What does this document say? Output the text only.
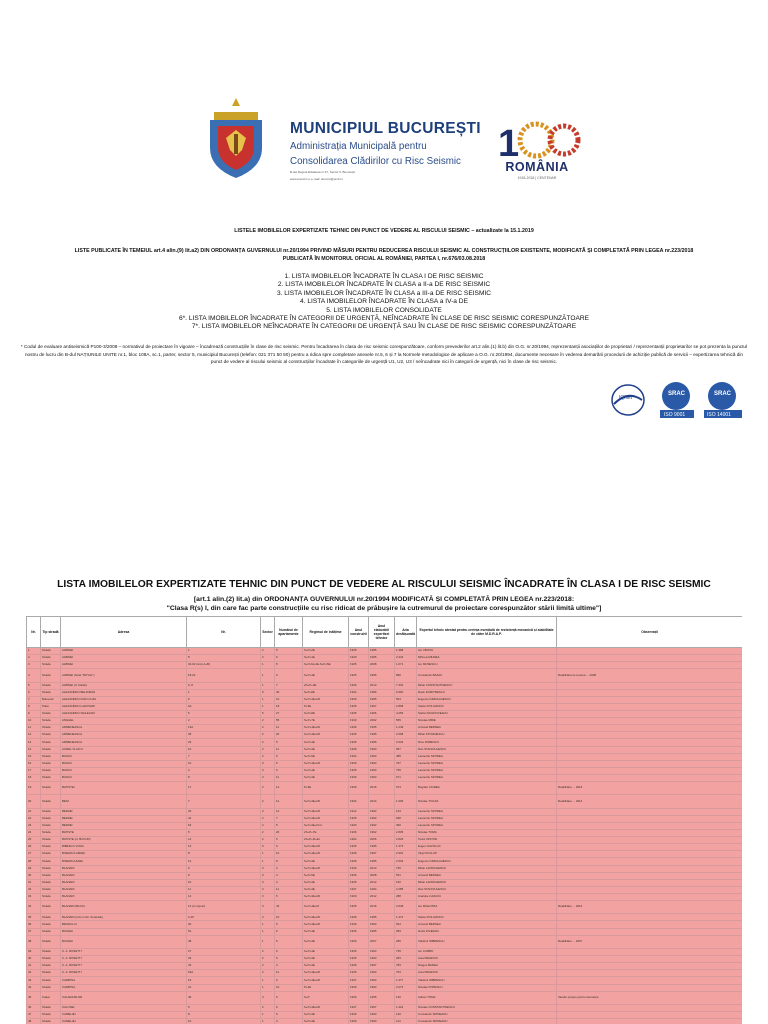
MUNICIPIUL BUCUREȘTI
Administrația Municipală pentru
Consolidarea Clădirilor cu Risc Seismic
B-dul Regina Elisabeta nr.47, Sector 5, București
www.amccrs.ro e-mail: amccrs@pmb.ro
1
ROMÂNIA
1918-2018 | CENTENAR
LISTELE IMOBILELOR EXPERTIZATE TEHNIC DIN PUNCT DE VEDERE AL RISCULUI SEISMIC – actualizate la 15.1.2019
LISTE PUBLICATE ÎN TEMEIUL art.4 alin.(9) lit.a2) DIN ORDONANȚA GUVERNULUI nr.20/1994 PRIVIND MĂSURI PENTRU REDUCEREA RISCULUI SEISMIC AL CONSTRUCȚIILOR EXISTENTE, MODIFICATĂ ȘI COMPLETATĂ PRIN LEGEA nr.223/2018
PUBLICATĂ ÎN MONITORUL OFICIAL AL ROMÂNIEI, PARTEA I, nr.676/03.08.2018
1. LISTA IMOBILELOR ÎNCADRATE ÎN CLASA I DE RISC SEISMIC
2. LISTA IMOBILELOR ÎNCADRATE ÎN CLASA a II-a DE RISC SEISMIC
3. LISTA IMOBILELOR ÎNCADRATE ÎN CLASA a III-a DE RISC SEISMIC
4. LISTA IMOBILELOR ÎNCADRATE ÎN CLASA a IV-a DE
5. LISTA IMOBILELOR CONSOLIDATE
6*. LISTA IMOBILELOR ÎNCADRATE ÎN CATEGORII DE URGENȚĂ, NEÎNCADRATE ÎN CLASE DE RISC SEISMIC CORESPUNZĂTOARE
7*. LISTA IMOBILELOR NEÎNCADRATE ÎN CATEGORII DE URGENȚĂ SAU ÎN CLASE DE RISC SEISMIC CORESPUNZĂTOARE
* Codul de evaluare antiseismică P100-3/2008 – normativul de proiectare în vigoare – încadrează construcțiile în clase de risc seismic. Pentru încadrarea în clasa de risc seismic corespunzătoare, conform prevederilor art.2 alin.(1) lit.b) din O.G. nr.20/1994, reprezentanții asociațiilor de proprietari / reprezentanții proprietarilor se pot prezenta la punctul nostru de lucru din B-dul NAȚIUNILE UNITE nr.1, bloc 108A, sc.1, parter, sector 5, municipiul București (telefon: 021 371 50 50) pentru a ridica spre completare anexele nr.5, 6 și 7 la Normele metodologice de aplicare a O.G. nr.20/1994, documente necesare în vederea demarării procedurii de achiziție publică de servicii – expertizarea tehnică din punct de vedere al riscului seismic al construcțiilor încadrate în categoriile de urgență U1, U2, U3 / neîncadrate nici în categorii de urgență, nici în clase de risc seismic.
IQNet
SRAC
ISO 9001
SRAC
ISO 14001
LISTA IMOBILELOR EXPERTIZATE TEHNIC DIN PUNCT DE VEDERE AL RISCULUI SEISMIC ÎNCADRATE ÎN CLASA I DE RISC SEISMIC
[art.1 alin.(2) lit.a) din ORDONANȚA GUVERNULUI nr.20/1994 MODIFICATĂ ȘI COMPLETATĂ PRIN LEGEA nr.223/2018:
"Clasa R(s) I, din care fac parte construcțiile cu risc ridicat de prăbușire la cutremurul de proiectare corespunzător stării limită ultime"]
Nr.	Tip stradă	Adresa	Nr.	Sector	Numărul de apartamente	Regimul de înălțime	Anul construirii	Anul elaborării expertizei tehnice	Aria desfășurată	Expertul tehnic atestat pentru cerința esențială de rezistență mecanică și stabilitate de către M.D.R.A.P.	Observații
1	Strada	ALBINEI	1	2	5	S+P+2E	1935	1995	1.388	Ion VIRSTA	
2	Strada	ALBINEI	8	2	9	S+P+4E	1930	1995	2.344	Mihnea MIHNEA	
3	Strada	ALBINEI	32-32 (corp A+B)	1	8	S+P+M+4E-S+P+5E	1935	2008	1.071	Ion MOSESCU	
4	Strada	ALBINEI (hotel "ROYAL")	18-22	1	6	S+P+4E	1925	1996	890	Constantin BAZAC	Reabilitare la cererea ... 2008
5	Strada	ALBINEI (cl. Radio)	6, 8	1	7	2S+P+3E	1936	2013	7.332	Mihai CONSTANTINESCU	
6	Strada	ALEXANDRU BELDIMAN	1	5	40	S+P+8E	1934	1996	6.960	Radu DUMITRESCU	
7	Bulevard	ALEXANDRU IOAN CUZA	6	1	10	S+P+3E+Mz	1930	1995	504	Eugeniu IORDACHESCU	
8	Piata	ALEXANDRU LAHOVARI	6A	1	18	P+5E	1935	1997	2.808	Stefan POLIVANOV	
9	Strada	ALEXANDRU SIHLEANU	5	5	27	S+P+8E	1935	1996	4.256	Stefan MOLDOVEANU	
10	Strada	ANGHEL	2	2	55	S+P+7E	1940	2002	565	Nicolae MIRE	
11	Strada	ARMENEASCA	13A	2	11	S+P+4E+Mz	1936	1995	1.249	Armand BERNEA	
12	Strada	ARMENEASCA	38	2	20	S+P+4E+Mz	1935	1995	2.668	Mihai STOIANESCU	
13	Strada	ARMENEASCA	29	2	5	S+P+4E	1935	1996	2.604	Dinu DOBESCU	
14	Strada	AUREL VLAICU	10	2	11	S+P+3E	1935	1993	957	Dan STANCIULESCU	
15	Strada	BANCII	7	2	5	S+P+5E	1934	1993	485	Laurentiu SPOREA	
16	Strada	BANCII	10	3	5	S+P+3E+Mz	1930	1993	767	Laurentiu SPOREA	
17	Strada	BANCII	4	3	6	S+P+4E	1935	1993	735	Laurentiu SPOREA	
18	Strada	BANCII	8	3	11	S+P+3E	1930	1993	671	Laurentiu SPOREA	
19	Strada	BATISTEI	17	2	12	P+3E	1930	2016	674	Bogdan CIUREA	Reabilitare ... 2016
20	Strada	BENI	7	2	12	S+P+3E+Mz	1934	2014	1.006	Nicolae TOCAS	Reabilitare ... 2014
21	Strada	BERZEI	29	2	12	S+P+3E+Mz	1912	1992	133	Laurentiu SPOREA	
22	Strada	BERZEI	42	2	7	S+P+3E+Mz	1935	1992	698	Laurentiu SPOREA	
23	Strada	BERZEI	63	2	5	S+P+3E+Pod	1930	1992	360	Laurentiu SPOREA	
24	Strada	BATISTE	5	2	26	2S+P+7E	1936	1992	2.805	Nicolae TOMA	
25	Strada	BATISTE (cl. BUCUR)	14	2	6	2S+P+M+Et.	1934	2006	2.826	Tudor NISTOR	
26	Strada	BIBESCU VODA	16	5	6	S+P+3E+Mz	1935	1995	1.373	Eugen SAVOLUC	
27	Strada	BISERICA AMZEI	8	1	10	S+P+4E+Mz	1935	1997	2.991	Virgil SCULUP	
28	Strada	BISERICA ENEI	12	1	8	S+P+3E	1935	1995	2.503	Eugeniu IORDACHESCU	
29	Strada	BLANARI	6	3	4	S+P+3E+Mz	1930	2013	736	Mihai LAVRICHENCU	
30	Strada	BLANARI	9	3	4	S+P+5E	1935	2008	531	Armand BERNEA	
31	Strada	BLANARI	10	3	4	S+P+3E	1935	2012	152	Mihai LAVRICHENCU	
32	Strada	BLANARI	11	3	11	S+P+4E	1937	1994	2.285	Dan STANCIULESCU	
33	Strada	BLANARI	14	3	5	S+P+3E+Mz	1930	2012	288	Anatolie CAZACU	
34	Strada	BLANARI (BLOC)	14 (2 corpuri)	3	43	S+P+4E+M	1935	2016	2.648	Ion Mihai PRIA	Reabilitare ... 2016
35	Strada	BLANARI (colt cu Str. Smardan)	3-15	3	10	S+P+3E+Mz	1935	1995	1.372	Stefan POLIVANOV	
36	Strada	BRADULUI	30	1	5	S+P+3E+Mz	1930	1993	524	Armand BERNEA	
37	Strada	BUCEGI	52	1	6	S+P+4E	1935	1995	283	Horia IOVEDAN	
38	Strada	BUCEGI	48	1	5	S+P+3E	1930	2007	286	Vladimir IMBRESCU	Reabilitare ... 2007
39	Strada	C. A. ROSETTI	27	2	6	S+P+4E	1935	1993	735	Ion LOMBO	
40	Strada	C. A. ROSETTI	29	2	5	S+P+3E	1935	1993	283	Aurel BRADOS	
41	Strada	C. A. ROSETTI	43	2	4	S+P+3E	1935	1997	783	Dragos BADEA	
42	Strada	C. A. ROSETTI	63A	2	11	S+P+3E+Mz	1935	1993	763	Aurel BRADOS	
43	Strada	CAMPINA	15	1	6	S+P+3E+Mz	1937	1993	1.377	Vladimir IMBRESCU	
44	Strada	CAMPINA	21	1	10	P+4E	1930	1993	2.073	Nicolae POPESCU	
45	Calea	CALARASILOR	49	3	6	S+P	1930	1995	130	Adrian TOMA	Vandut propus pentru demolare
46	Strada	CALUSEI	5	2	6	S+P+3E+Mz	1937	1997	1.324	Nicolae CONSTANTINESCU	
47	Strada	CAMELIEI	8	1	5	S+P+3E	1930	1993	120	Constantin SPINEANU	
48	Strada	CAMELIEI	10	1	4	S+P+3E	1930	1993	114	Constantin SPINEANU	
